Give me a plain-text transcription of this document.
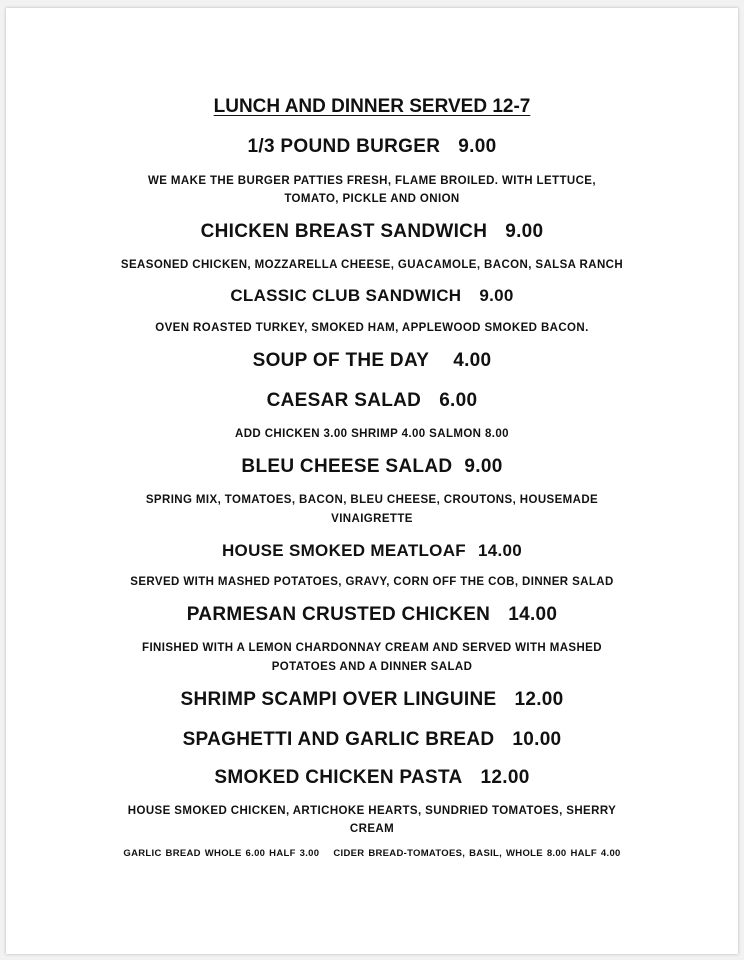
LUNCH AND DINNER SERVED 12-7
1/3 POUND BURGER 9.00
WE MAKE THE BURGER PATTIES FRESH, FLAME BROILED. WITH LETTUCE,
TOMATO, PICKLE AND ONION
CHICKEN BREAST SANDWICH 9.00
SEASONED CHICKEN, MOZZARELLA CHEESE, GUACAMOLE, BACON, SALSA RANCH
CLASSIC CLUB SANDWICH 9.00
OVEN ROASTED TURKEY, SMOKED HAM, APPLEWOOD SMOKED BACON.
SOUP OF THE DAY 4.00
CAESAR SALAD 6.00
ADD CHICKEN 3.00 SHRIMP 4.00 SALMON 8.00
BLEU CHEESE SALAD 9.00
SPRING MIX, TOMATOES, BACON, BLEU CHEESE, CROUTONS, HOUSEMADE
VINAIGRETTE
HOUSE SMOKED MEATLOAF 14.00
SERVED WITH MASHED POTATOES, GRAVY, CORN OFF THE COB, DINNER SALAD
PARMESAN CRUSTED CHICKEN 14.00
FINISHED WITH A LEMON CHARDONNAY CREAM AND SERVED WITH MASHED
POTATOES AND A DINNER SALAD
SHRIMP SCAMPI OVER LINGUINE 12.00
SPAGHETTI AND GARLIC BREAD 10.00
SMOKED CHICKEN PASTA 12.00
HOUSE SMOKED CHICKEN, ARTICHOKE HEARTS, SUNDRIED TOMATOES, SHERRY
CREAM
GARLIC BREAD WHOLE 6.00 HALF 3.00 CIDER BREAD-TOMATOES, BASIL, WHOLE 8.00 HALF 4.00
